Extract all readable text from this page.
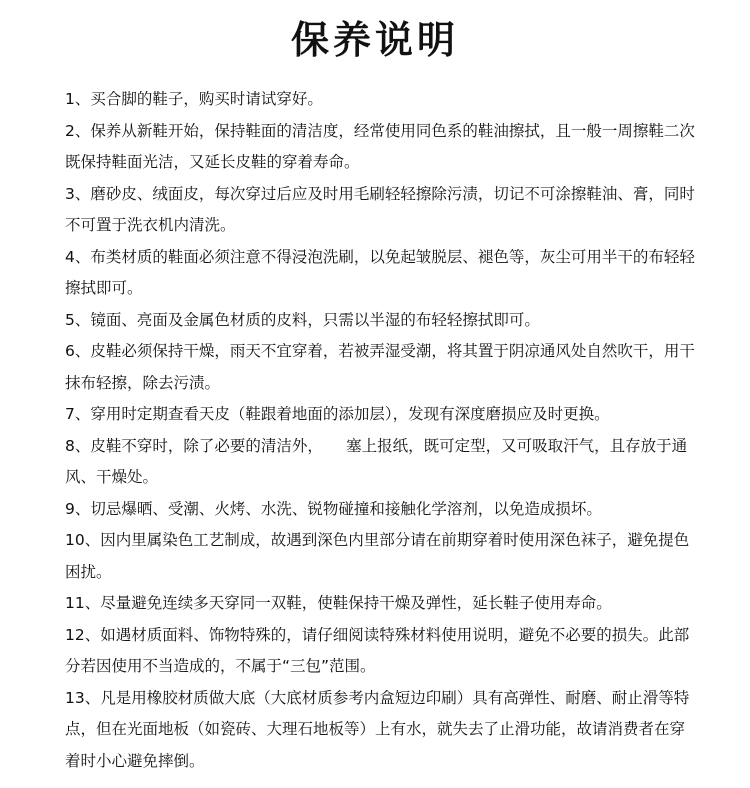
保养说明

1、买合脚的鞋子，购买时请试穿好。

2、保养从新鞋开始，保持鞋面的清洁度，经常使用同色系的鞋油擦拭，且一般一周擦鞋二次既保持鞋面光洁，又延长皮鞋的穿着寿命。

3、磨砂皮、绒面皮，每次穿过后应及时用毛刷轻轻擦除污渍，切记不可涂擦鞋油、膏，同时不可置于洗衣机内清洗。

4、布类材质的鞋面必须注意不得浸泡洗刷，以免起皱脱层、褪色等，灰尘可用半干的布轻轻擦拭即可。

5、镜面、亮面及金属色材质的皮料，只需以半湿的布轻轻擦拭即可。

6、皮鞋必须保持干燥，雨天不宜穿着，若被弄湿受潮，将其置于阴凉通风处自然吹干，用干抹布轻擦，除去污渍。

7、穿用时定期查看天皮（鞋跟着地面的添加层），发现有深度磨损应及时更换。

8、皮鞋不穿时，除了必要的清洁外，　　塞上报纸，既可定型，又可吸取汗气，且存放于通风、干燥处。

9、切忌爆晒、受潮、火烤、水洗、锐物碰撞和接触化学溶剂，以免造成损坏。

10、因内里属染色工艺制成，故遇到深色内里部分请在前期穿着时使用深色袜子，避免提色困扰。

11、尽量避免连续多天穿同一双鞋，使鞋保持干燥及弹性，延长鞋子使用寿命。

12、如遇材质面料、饰物特殊的，请仔细阅读特殊材料使用说明，避免不必要的损失。此部分若因使用不当造成的，不属于“三包”范围。

13、凡是用橡胶材质做大底（大底材质参考内盒短边印刷）具有高弹性、耐磨、耐止滑等特点，但在光面地板（如瓷砖、大理石地板等）上有水，就失去了止滑功能，故请消费者在穿着时小心避免摔倒。
